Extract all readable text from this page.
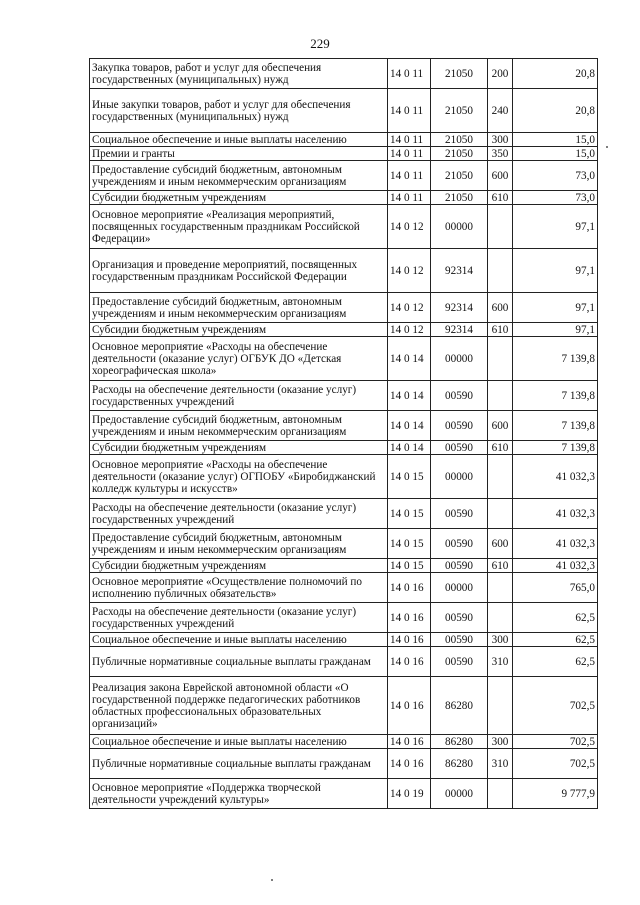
229
Закупка товаров, работ и услуг для обеспечения государственных (муниципальных) нужд	14 0 11	21050	200	20,8
Иные закупки товаров, работ и услуг для обеспечения государственных (муниципальных) нужд	14 0 11	21050	240	20,8
Социальное обеспечение и иные выплаты населению	14 0 11	21050	300	15,0
Премии и гранты	14 0 11	21050	350	15,0
Предоставление субсидий бюджетным, автономным учреждениям и иным некоммерческим организациям	14 0 11	21050	600	73,0
Субсидии бюджетным учреждениям	14 0 11	21050	610	73,0
Основное мероприятие «Реализация мероприятий, посвященных государственным праздникам Российской Федерации»	14 0 12	00000		97,1
Организация и проведение мероприятий, посвященных государственным праздникам Российской Федерации	14 0 12	92314		97,1
Предоставление субсидий бюджетным, автономным учреждениям и иным некоммерческим организациям	14 0 12	92314	600	97,1
Субсидии бюджетным учреждениям	14 0 12	92314	610	97,1
Основное мероприятие «Расходы на обеспечение деятельности (оказание услуг) ОГБУК ДО «Детская хореографическая школа»	14 0 14	00000		7 139,8
Расходы на обеспечение деятельности (оказание услуг) государственных учреждений	14 0 14	00590		7 139,8
Предоставление субсидий бюджетным, автономным учреждениям и иным некоммерческим организациям	14 0 14	00590	600	7 139,8
Субсидии бюджетным учреждениям	14 0 14	00590	610	7 139,8
Основное мероприятие «Расходы на обеспечение деятельности (оказание услуг) ОГПОБУ «Биробиджанский колледж культуры и искусств»	14 0 15	00000		41 032,3
Расходы на обеспечение деятельности (оказание услуг) государственных учреждений	14 0 15	00590		41 032,3
Предоставление субсидий бюджетным, автономным учреждениям и иным некоммерческим организациям	14 0 15	00590	600	41 032,3
Субсидии бюджетным учреждениям	14 0 15	00590	610	41 032,3
Основное мероприятие «Осуществление полномочий по исполнению публичных обязательств»	14 0 16	00000		765,0
Расходы на обеспечение деятельности (оказание услуг) государственных учреждений	14 0 16	00590		62,5
Социальное обеспечение и иные выплаты населению	14 0 16	00590	300	62,5
Публичные нормативные социальные выплаты гражданам	14 0 16	00590	310	62,5
Реализация закона Еврейской автономной области «О государственной поддержке педагогических работников областных профессиональных образовательных организаций»	14 0 16	86280		702,5
Социальное обеспечение и иные выплаты населению	14 0 16	86280	300	702,5
Публичные нормативные социальные выплаты гражданам	14 0 16	86280	310	702,5
Основное мероприятие «Поддержка творческой деятельности учреждений культуры»	14 0 19	00000		9 777,9
